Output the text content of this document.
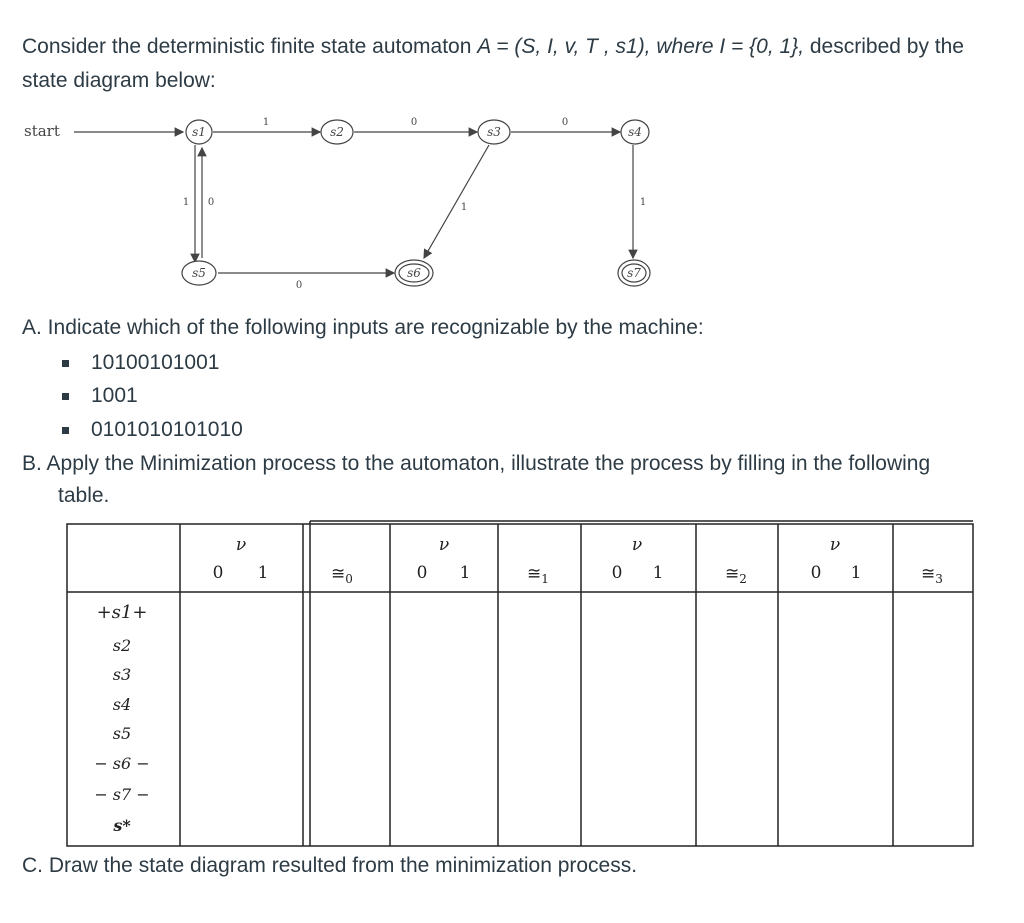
Consider the deterministic finite state automaton A = (S, I, v, T , s1), where I = {0, 1}, described by the
state diagram below:
s1	s2	s3	s4
s5	s6	s7
start	1	0	0
1 0
0
1	1
A. Indicate which of the following inputs are recognizable by the machine:
10100101001
1001
0101010101010
B. Apply the Minimization process to the automaton, illustrate the process by filling in the following
table.
ν
0 1	$≅_0$
ν
0 1	$≅_1$
ν
0 1	$≅_2$
ν
0 1	$≅_3$
+s1+
s2
s3
s4
s5
− s6 −
− s7 −
s*
C. Draw the state diagram resulted from the minimization process.
